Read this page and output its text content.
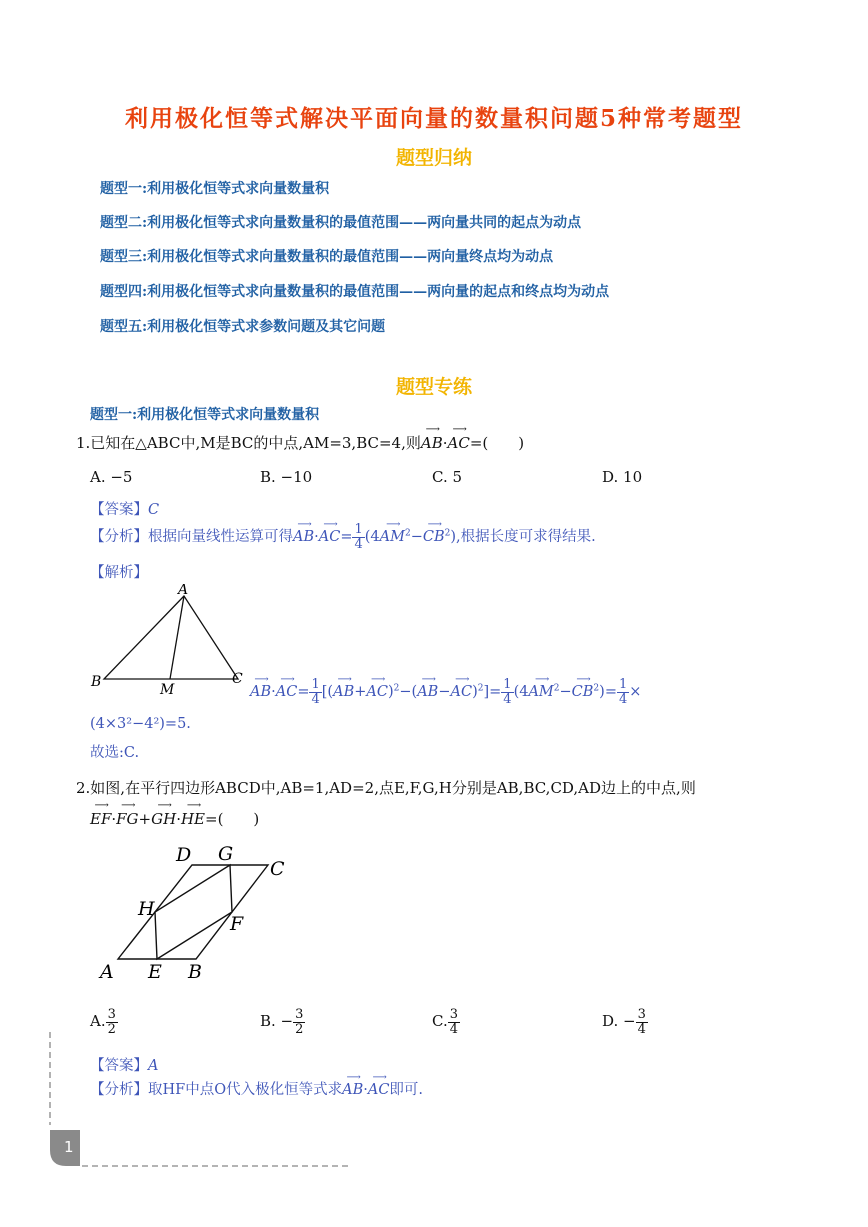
利用极化恒等式解决平面向量的数量积问题5种常考题型
题型归纳
题型一:利用极化恒等式求向量数量积
题型二:利用极化恒等式求向量数量积的最值范围——两向量共同的起点为动点
题型三:利用极化恒等式求向量数量积的最值范围——两向量终点均为动点
题型四:利用极化恒等式求向量数量积的最值范围——两向量的起点和终点均为动点
题型五:利用极化恒等式求参数问题及其它问题
题型专练
题型一:利用极化恒等式求向量数量积
1.已知在△ABC中,M是BC的中点,AM=3,BC=4,则⟶ AB·⟶ AC=(　　)
A. −5	B. −10	C. 5	D. 10
【答案】C
【分析】根据向量线性运算可得⟶ AB·⟶ $AC= \frac{1}{4}$ (4⟶ $AM^2-⟶$ $CB^2$),根据长度可求得结果.
【解析】
A
B	C
M
⟶	AB·⟶ $AC= \frac{1}{4}$ [(⟶ AB+⟶ AC)$^2$−(⟶ AB−⟶ $AC)^2]= \frac{1}{4}$ (4⟶ $AM^2-⟶$ $CB^2)= \frac{1}{4}$ ×
(4×3²−4²)=5.
故选:C.
2.如图,在平行四边形ABCD中,AB=1,AD=2,点E,F,G,H分别是AB,BC,CD,AD边上的中点,则
⟶ EF·⟶ FG+⟶ GH·⟶ HE=(　　)
D G
C
H
F
A E B
A. $\frac{3}{2}$	B. − $\frac{3}{2}$	C. $\frac{3}{4}$	D. − $\frac{3}{4}$
【答案】A
【分析】取HF中点O代入极化恒等式求⟶ AB·⟶ AC即可.
1
